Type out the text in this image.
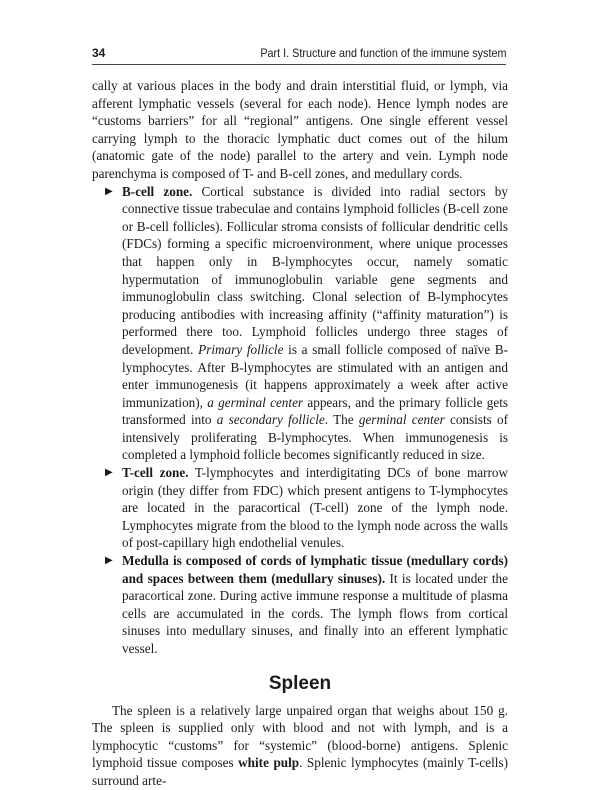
34	Part I. Structure and function of the immune system

cally at various places in the body and drain interstitial fluid, or lymph, via afferent lymphatic vessels (several for each node). Hence lymph nodes are “customs barriers” for all “regional” antigens. One single efferent vessel carrying lymph to the thoracic lymphatic duct comes out of the hilum (anatomic gate of the node) parallel to the artery and vein. Lymph node parenchyma is composed of T- and B-cell zones, and medullary cords.

▶ B-cell zone. Cortical substance is divided into radial sectors by connective tissue trabeculae and contains lymphoid follicles (B-cell zone or B-cell follicles). Follicular stroma consists of follicular dendritic cells (FDCs) forming a specific microenvironment, where unique processes that happen only in B-lymphocytes occur, namely somatic hypermutation of immunoglobulin variable gene segments and immunoglobulin class switching. Clonal selection of B-lymphocytes producing antibodies with increasing affinity (“affinity maturation”) is performed there too. Lymphoid follicles undergo three stages of development. Primary follicle is a small follicle composed of naïve B-lymphocytes. After B-lymphocytes are stimulated with an antigen and enter immunogenesis (it happens approximately a week after active immunization), a germinal center appears, and the primary follicle gets transformed into a secondary follicle. The germinal center consists of intensively proliferating B-lymphocytes. When immunogenesis is completed a lymphoid follicle becomes significantly reduced in size.
▶ T-cell zone. T-lymphocytes and interdigitating DCs of bone marrow origin (they differ from FDC) which present antigens to T-lymphocytes are located in the paracortical (T-cell) zone of the lymph node. Lymphocytes migrate from the blood to the lymph node across the walls of post-capillary high endothelial venules.
▶ Medulla is composed of cords of lymphatic tissue (medullary cords) and spaces between them (medullary sinuses). It is located under the paracortical zone. During active immune response a multitude of plasma cells are accumulated in the cords. The lymph flows from cortical sinuses into medullary sinuses, and finally into an efferent lymphatic vessel.
Spleen

The spleen is a relatively large unpaired organ that weighs about 150 g. The spleen is supplied only with blood and not with lymph, and is a lymphocytic “customs” for “systemic” (blood-borne) antigens. Splenic lymphoid tissue composes white pulp. Splenic lymphocytes (mainly T-cells) surround arte-
